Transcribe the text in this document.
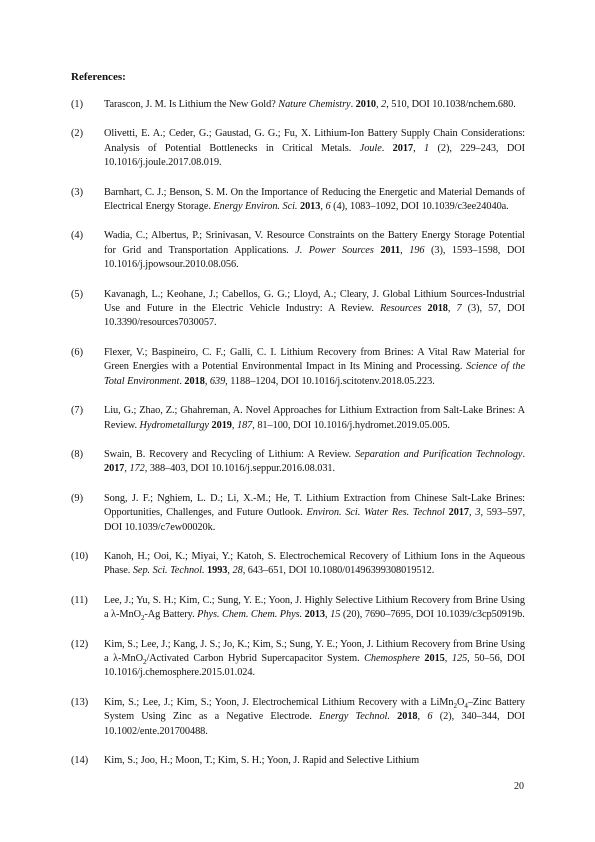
References:
(1)	Tarascon, J. M. Is Lithium the New Gold? Nature Chemistry. 2010, 2, 510, DOI 10.1038/nchem.680.
(2)	Olivetti, E. A.; Ceder, G.; Gaustad, G. G.; Fu, X. Lithium-Ion Battery Supply Chain Considerations: Analysis of Potential Bottlenecks in Critical Metals. Joule. 2017, 1 (2), 229–243, DOI 10.1016/j.joule.2017.08.019.
(3)	Barnhart, C. J.; Benson, S. M. On the Importance of Reducing the Energetic and Material Demands of Electrical Energy Storage. Energy Environ. Sci. 2013, 6 (4), 1083–1092, DOI 10.1039/c3ee24040a.
(4)	Wadia, C.; Albertus, P.; Srinivasan, V. Resource Constraints on the Battery Energy Storage Potential for Grid and Transportation Applications. J. Power Sources 2011, 196 (3), 1593–1598, DOI 10.1016/j.jpowsour.2010.08.056.
(5)	Kavanagh, L.; Keohane, J.; Cabellos, G. G.; Lloyd, A.; Cleary, J. Global Lithium Sources-Industrial Use and Future in the Electric Vehicle Industry: A Review. Resources 2018, 7 (3), 57, DOI 10.3390/resources7030057.
(6)	Flexer, V.; Baspineiro, C. F.; Galli, C. I. Lithium Recovery from Brines: A Vital Raw Material for Green Energies with a Potential Environmental Impact in Its Mining and Processing. Science of the Total Environment. 2018, 639, 1188–1204, DOI 10.1016/j.scitotenv.2018.05.223.
(7)	Liu, G.; Zhao, Z.; Ghahreman, A. Novel Approaches for Lithium Extraction from Salt-Lake Brines: A Review. Hydrometallurgy 2019, 187, 81–100, DOI 10.1016/j.hydromet.2019.05.005.
(8)	Swain, B. Recovery and Recycling of Lithium: A Review. Separation and Purification Technology. 2017, 172, 388–403, DOI 10.1016/j.seppur.2016.08.031.
(9)	Song, J. F.; Nghiem, L. D.; Li, X.-M.; He, T. Lithium Extraction from Chinese Salt-Lake Brines: Opportunities, Challenges, and Future Outlook. Environ. Sci. Water Res. Technol 2017, 3, 593–597, DOI 10.1039/c7ew00020k.
(10)	Kanoh, H.; Ooi, K.; Miyai, Y.; Katoh, S. Electrochemical Recovery of Lithium Ions in the Aqueous Phase. Sep. Sci. Technol. 1993, 28, 643–651, DOI 10.1080/01496399308019512.
(11)	Lee, J.; Yu, S. H.; Kim, C.; Sung, Y. E.; Yoon, J. Highly Selective Lithium Recovery from Brine Using a λ-MnO$_2$-Ag Battery. Phys. Chem. Chem. Phys. 2013, 15 (20), 7690–7695, DOI 10.1039/c3cp50919b.
(12)	Kim, S.; Lee, J.; Kang, J. S.; Jo, K.; Kim, S.; Sung, Y. E.; Yoon, J. Lithium Recovery from Brine Using a λ-MnO$_2$/Activated Carbon Hybrid Supercapacitor System. Chemosphere 2015, 125, 50–56, DOI 10.1016/j.chemosphere.2015.01.024.
(13)	Kim, S.; Lee, J.; Kim, S.; Yoon, J. Electrochemical Lithium Recovery with a $LiMn_2O_4$–Zinc Battery System Using Zinc as a Negative Electrode. Energy Technol. 2018, 6 (2), 340–344, DOI 10.1002/ente.201700488.
(14)	Kim, S.; Joo, H.; Moon, T.; Kim, S. H.; Yoon, J. Rapid and Selective Lithium
20
